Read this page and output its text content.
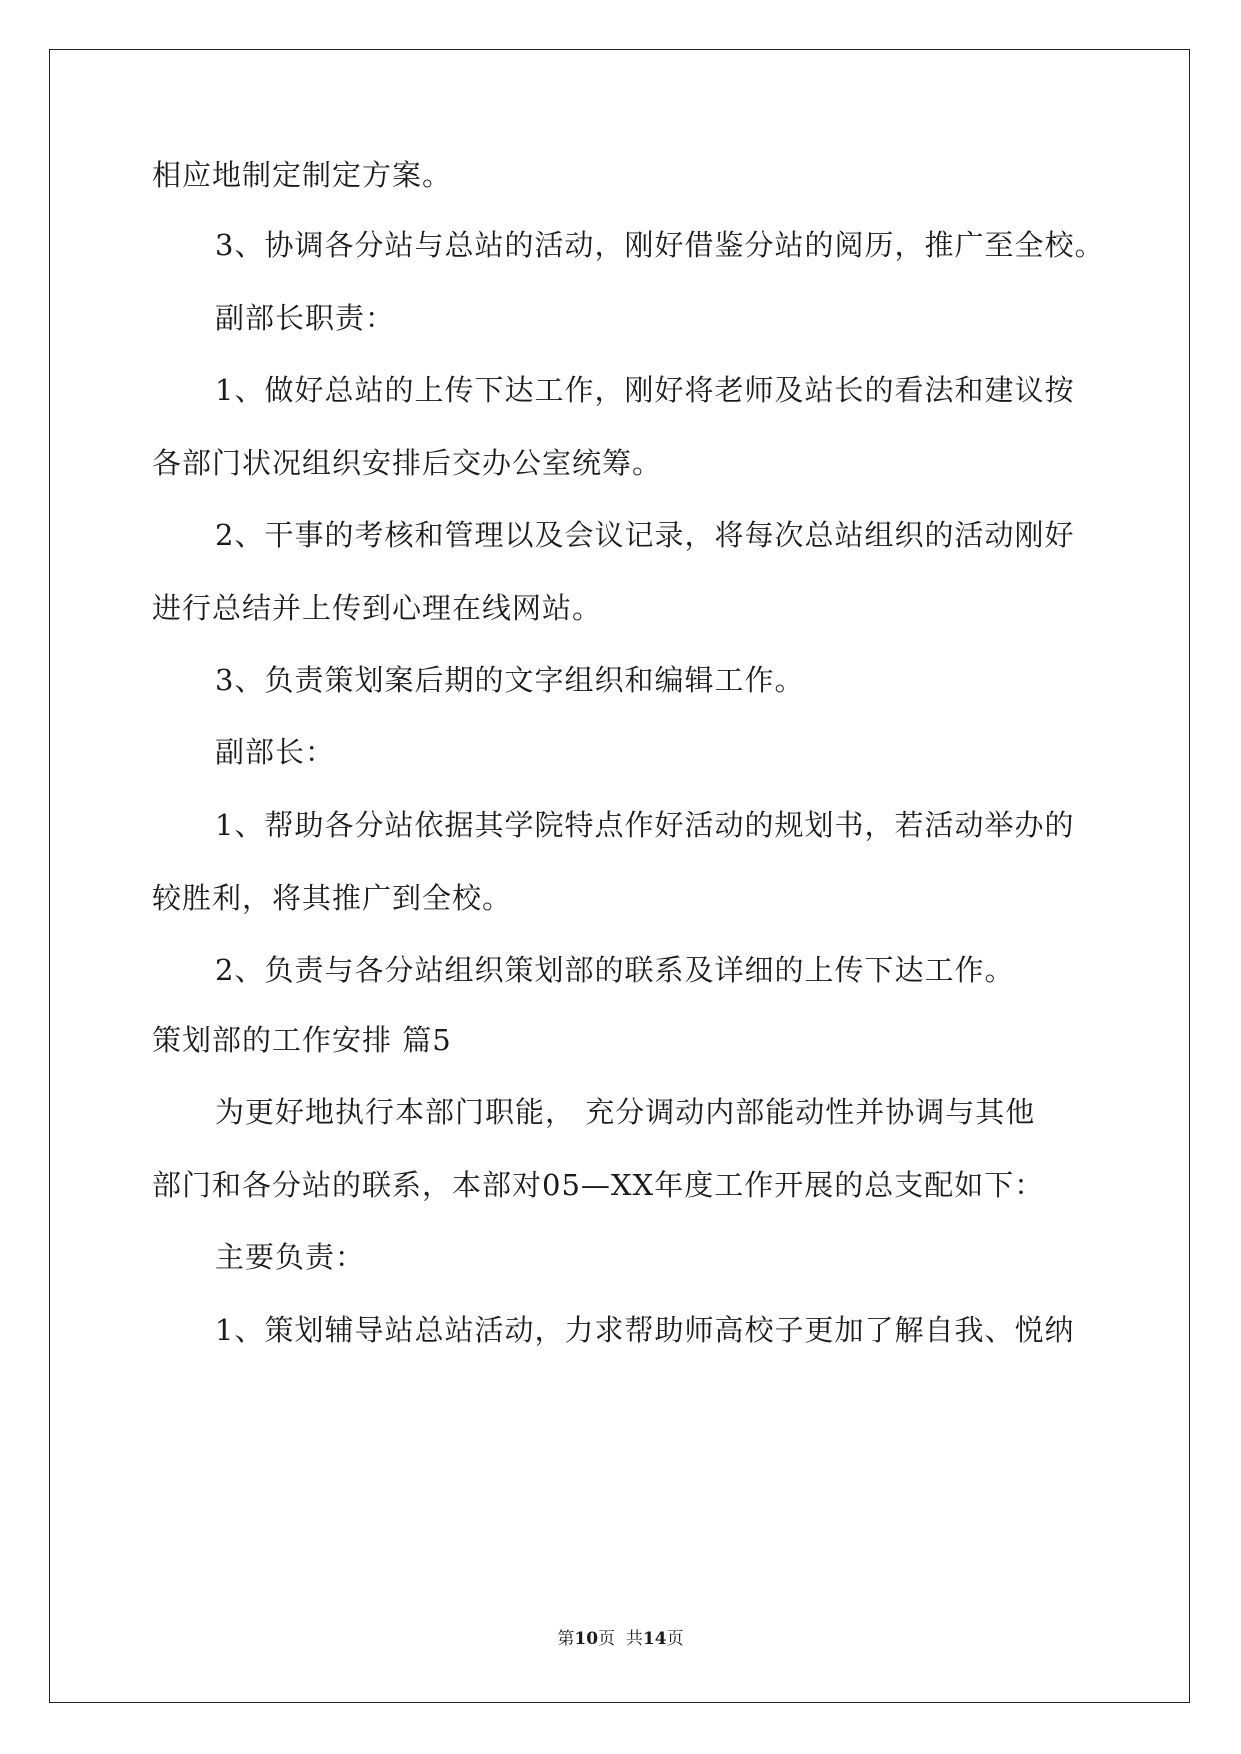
相应地制定制定方案。
3、协调各分站与总站的活动，刚好借鉴分站的阅历，推广至全校。
副部长职责：
1、做好总站的上传下达工作，刚好将老师及站长的看法和建议按
各部门状况组织安排后交办公室统筹。
2、干事的考核和管理以及会议记录，将每次总站组织的活动刚好
进行总结并上传到心理在线网站。
3、负责策划案后期的文字组织和编辑工作。
副部长：
1、帮助各分站依据其学院特点作好活动的规划书，若活动举办的
较胜利，将其推广到全校。
2、负责与各分站组织策划部的联系及详细的上传下达工作。
策划部的工作安排 篇5
为更好地执行本部门职能， 充分调动内部能动性并协调与其他
部门和各分站的联系，本部对05—XX年度工作开展的总支配如下：
主要负责：
1、策划辅导站总站活动，力求帮助师高校子更加了解自我、悦纳
第10页  共14页
